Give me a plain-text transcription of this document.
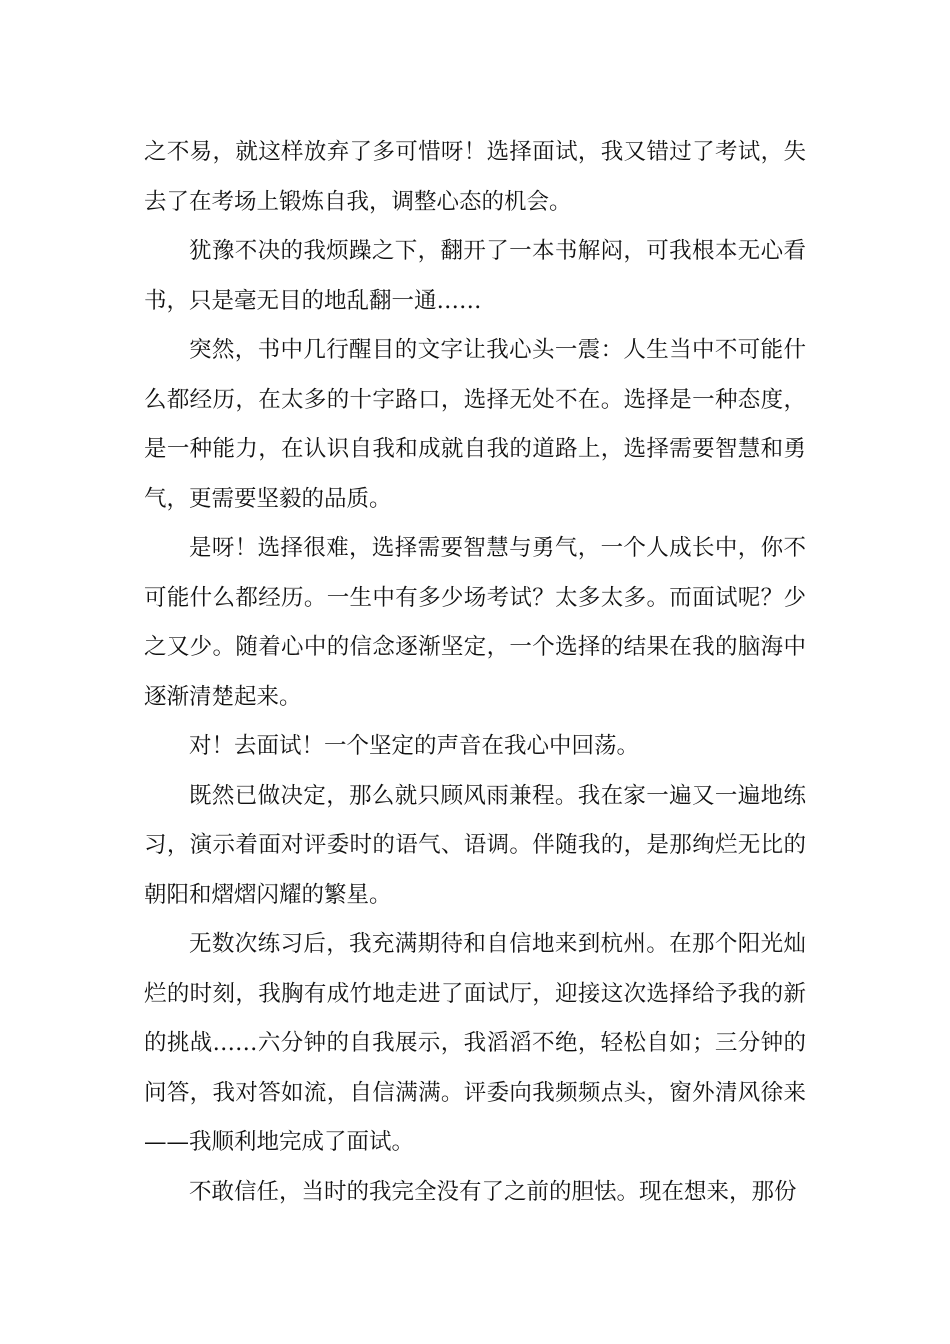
之不易，就这样放弃了多可惜呀！选择面试，我又错过了考试，失去了在考场上锻炼自我，调整心态的机会。

犹豫不决的我烦躁之下，翻开了一本书解闷，可我根本无心看书，只是毫无目的地乱翻一通……

突然，书中几行醒目的文字让我心头一震：人生当中不可能什么都经历，在太多的十字路口，选择无处不在。选择是一种态度，是一种能力，在认识自我和成就自我的道路上，选择需要智慧和勇气，更需要坚毅的品质。

是呀！选择很难，选择需要智慧与勇气，一个人成长中，你不可能什么都经历。一生中有多少场考试？太多太多。而面试呢？少之又少。随着心中的信念逐渐坚定，一个选择的结果在我的脑海中逐渐清楚起来。

对！去面试！一个坚定的声音在我心中回荡。

既然已做决定，那么就只顾风雨兼程。我在家一遍又一遍地练习，演示着面对评委时的语气、语调。伴随我的，是那绚烂无比的朝阳和熠熠闪耀的繁星。

无数次练习后，我充满期待和自信地来到杭州。在那个阳光灿烂的时刻，我胸有成竹地走进了面试厅，迎接这次选择给予我的新的挑战……六分钟的自我展示，我滔滔不绝，轻松自如；三分钟的问答，我对答如流，自信满满。评委向我频频点头，窗外清风徐来——我顺利地完成了面试。

不敢信任，当时的我完全没有了之前的胆怯。现在想来，那份
